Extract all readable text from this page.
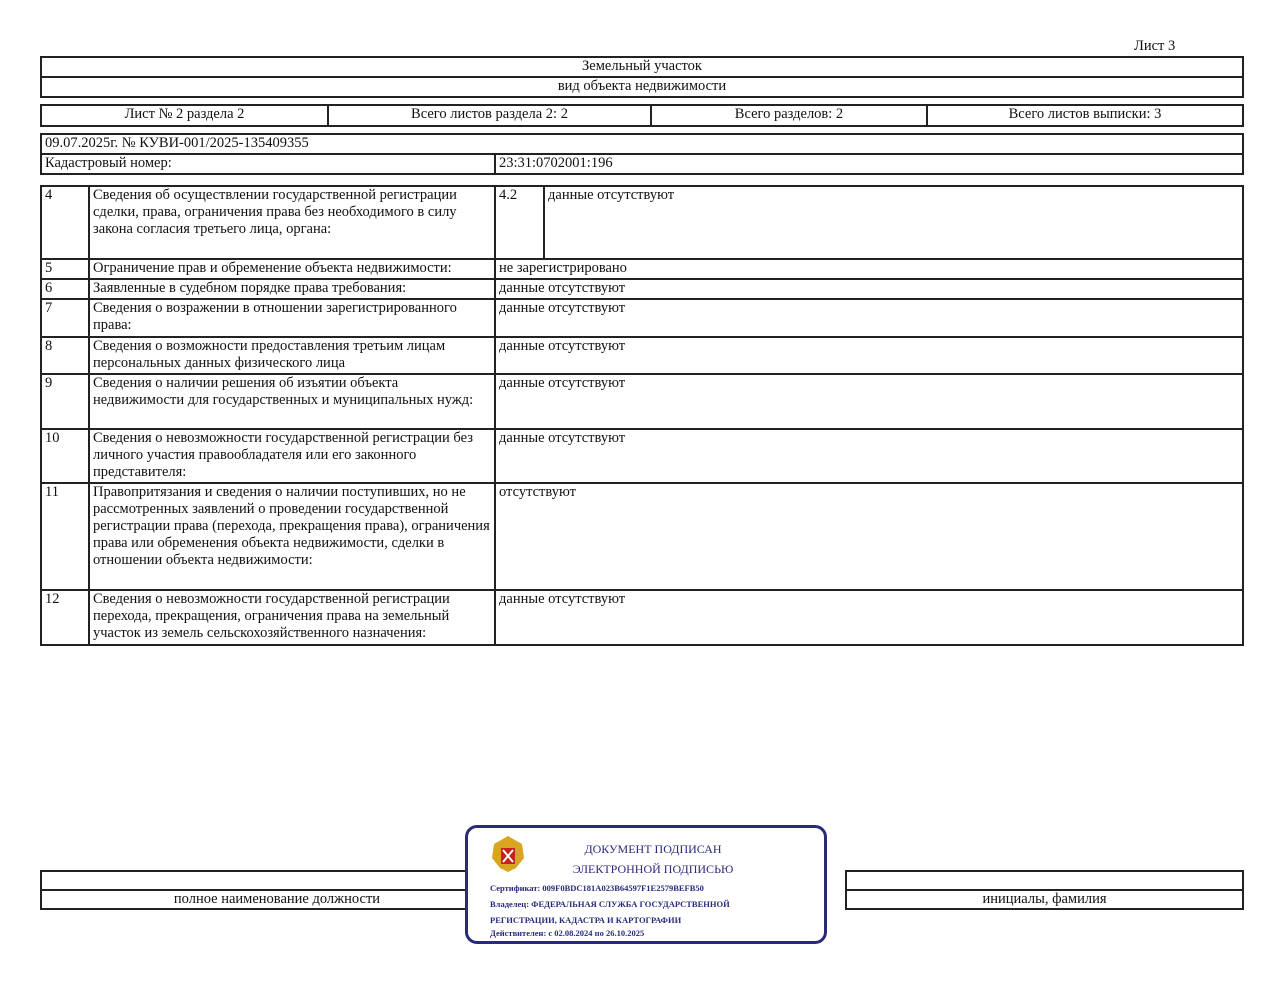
Лист 3
Земельный участок
вид объекта недвижимости
Лист № 2 раздела 2	Всего листов раздела 2: 2	Всего разделов: 2	Всего листов выписки: 3
09.07.2025г. № КУВИ-001/2025-135409355
Кадастровый номер:	23:31:0702001:196
4	Сведения об осуществлении государственной регистрации сделки, права, ограничения права без необходимого в силу закона согласия третьего лица, органа:	4.2	данные отсутствуют
5	Ограничение прав и обременение объекта недвижимости:	не зарегистрировано	
6	Заявленные в судебном порядке права требования:	данные отсутствуют	
7	Сведения о возражении в отношении зарегистрированного права:	данные отсутствуют	
8	Сведения о возможности предоставления третьим лицам персональных данных физического лица	данные отсутствуют	
9	Сведения о наличии решения об изъятии объекта недвижимости для государственных и муниципальных нужд:	данные отсутствуют	
10	Сведения о невозможности государственной регистрации без личного участия правообладателя или его законного представителя:	данные отсутствуют	
11	Правопритязания и сведения о наличии поступивших, но не рассмотренных заявлений о проведении государственной регистрации права (перехода, прекращения права), ограничения права или обременения объекта недвижимости, сделки в отношении объекта недвижимости:	отсутствуют	
12	Сведения о невозможности государственной регистрации перехода, прекращения, ограничения права на земельный участок из земель сельскохозяйственного назначения:	данные отсутствуют	

полное наименование должности		инициалы, фамилия
ДОКУМЕНТ ПОДПИСАН
ЭЛЕКТРОННОЙ ПОДПИСЬЮ
Сертификат: 009F0BDC181A023B64597F1E2579BEFB50
Владелец: ФЕДЕРАЛЬНАЯ СЛУЖБА ГОСУДАРСТВЕННОЙ
РЕГИСТРАЦИИ, КАДАСТРА И КАРТОГРАФИИ
Действителен: с 02.08.2024 по 26.10.2025
